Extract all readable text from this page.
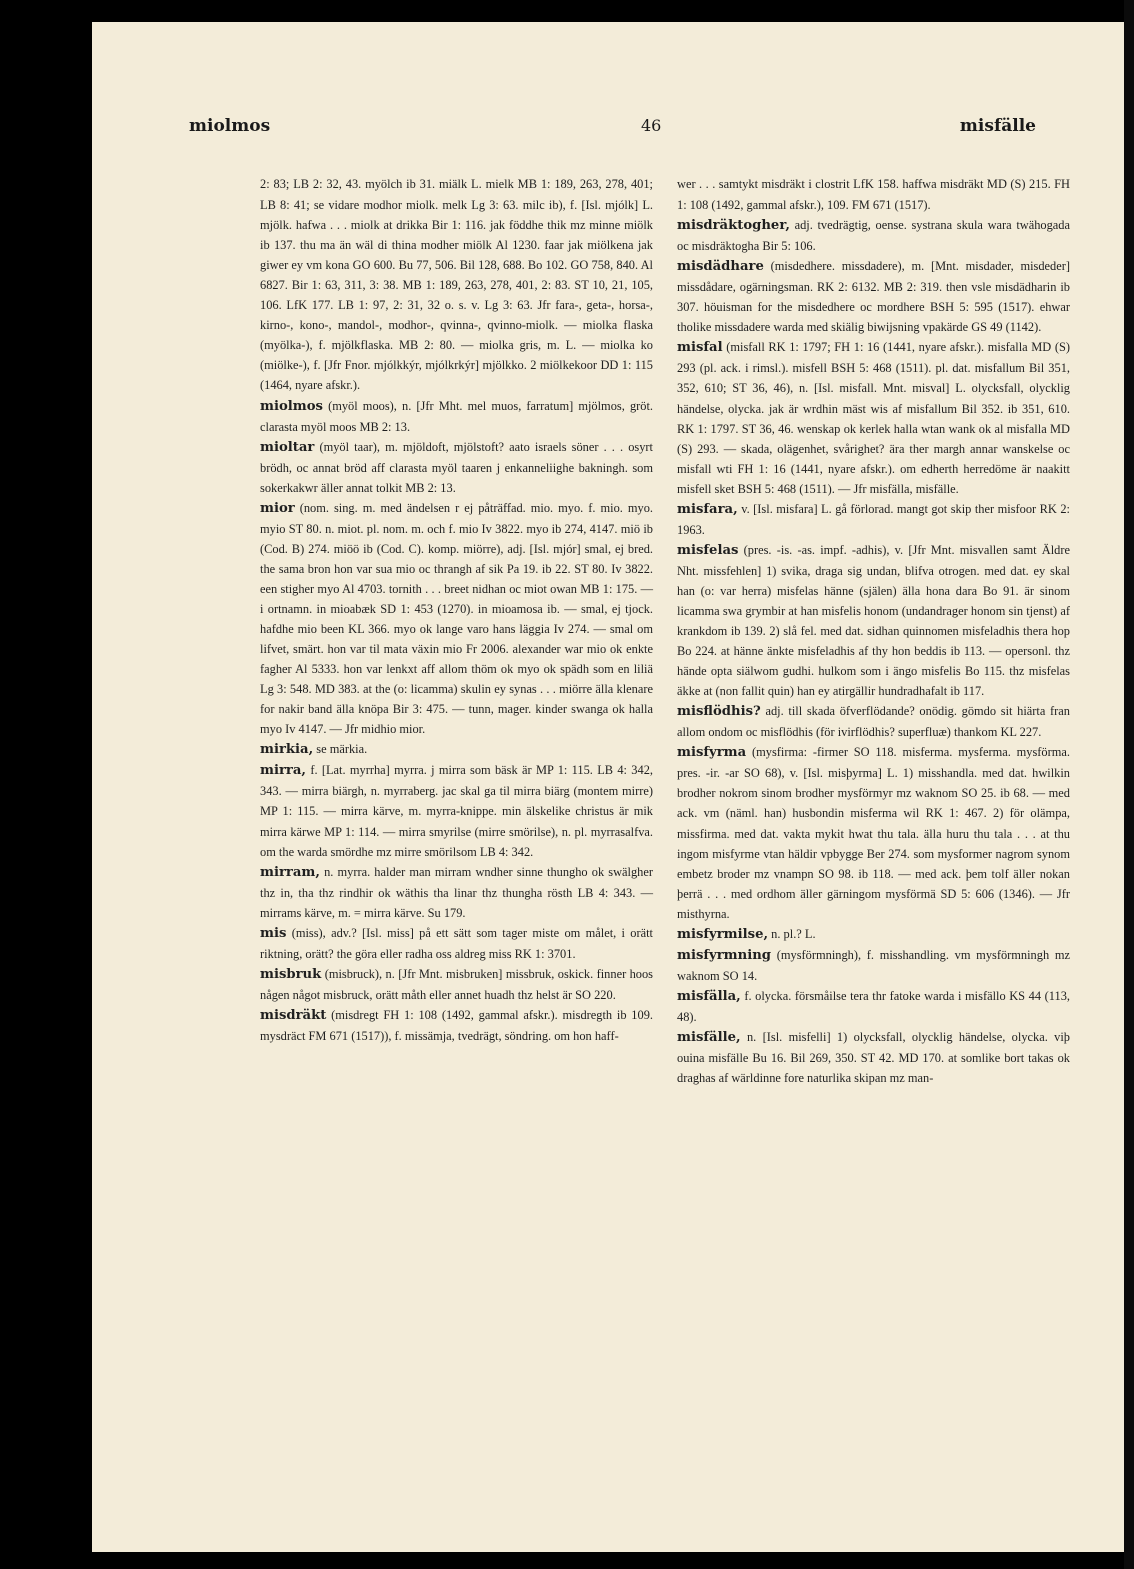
miolmos	46	misfälle

2: 83; LB 2: 32, 43. myölch ib 31. miälk L. mielk MB 1: 189, 263, 278, 401; LB 8: 41; se vidare modhor miolk. melk Lg 3: 63. milc ib), f. [Isl. mjólk] L. mjölk. hafwa . . . miolk at drikka Bir 1: 116. jak föddhe thik mz minne miölk ib 137. thu ma än wäl di thina modher miölk Al 1230. faar jak miölkena jak giwer ey vm kona GO 600. Bu 77, 506. Bil 128, 688. Bo 102. GO 758, 840. Al 6827. Bir 1: 63, 311, 3: 38. MB 1: 189, 263, 278, 401, 2: 83. ST 10, 21, 105, 106. LfK 177. LB 1: 97, 2: 31, 32 o. s. v. Lg 3: 63. Jfr fara-, geta-, horsa-, kirno-, kono-, mandol-, modhor-, qvinna-, qvinno-miolk. — miolka flaska (myölka-), f. mjölkflaska. MB 2: 80. — miolka gris, m. L. — miolka ko (miölke-), f. [Jfr Fnor. mjólkkýr, mjólkrkýr] mjölkko. 2 miölkekoor DD 1: 115 (1464, nyare afskr.).

miolmos (myöl moos), n. [Jfr Mht. mel muos, farratum] mjölmos, gröt. clarasta myöl moos MB 2: 13.

mioltar (myöl taar), m. mjöldoft, mjölstoft? aato israels söner . . . osyrt brödh, oc annat bröd aff clarasta myöl taaren j enkanneliighe bakningh. som sokerkakwr äller annat tolkit MB 2: 13.

mior (nom. sing. m. med ändelsen r ej påträffad. mio. myo. f. mio. myo. myio ST 80. n. miot. pl. nom. m. och f. mio Iv 3822. myo ib 274, 4147. miö ib (Cod. B) 274. miöö ib (Cod. C). komp. miörre), adj. [Isl. mjór] smal, ej bred. the sama bron hon var sua mio oc thrangh af sik Pa 19. ib 22. ST 80. Iv 3822. een stigher myo Al 4703. tornith . . . breet nidhan oc miot owan MB 1: 175. — i ortnamn. in mioabæk SD 1: 453 (1270). in mioamosa ib. — smal, ej tjock. hafdhe mio been KL 366. myo ok lange varo hans läggia Iv 274. — smal om lifvet, smärt. hon var til mata växin mio Fr 2006. alexander war mio ok enkte fagher Al 5333. hon var lenkxt aff allom thöm ok myo ok spädh som en liliä Lg 3: 548. MD 383. at the (o: licamma) skulin ey synas . . . miörre älla klenare for nakir band älla knöpa Bir 3: 475. — tunn, mager. kinder swanga ok halla myo Iv 4147. — Jfr midhio mior.

mirkia, se märkia.

mirra, f. [Lat. myrrha] myrra. j mirra som bäsk är MP 1: 115. LB 4: 342, 343. — mirra biärgh, n. myrraberg. jac skal ga til mirra biärg (montem mirre) MP 1: 115. — mirra kärve, m. myrra-knippe. min älskelike christus är mik mirra kärwe MP 1: 114. — mirra smyrilse (mirre smörilse), n. pl. myrrasalfva. om the warda smördhe mz mirre smörilsom LB 4: 342.

mirram, n. myrra. halder man mirram wndher sinne thungho ok swälgher thz in, tha thz rindhir ok wäthis tha linar thz thungha rösth LB 4: 343. — mirrams kärve, m. = mirra kärve. Su 179.

mis (miss), adv.? [Isl. miss] på ett sätt som tager miste om målet, i orätt riktning, orätt? the göra eller radha oss aldreg miss RK 1: 3701.

misbruk (misbruck), n. [Jfr Mnt. misbruken] missbruk, oskick. finner hoos någen något misbruck, orätt måth eller annet huadh thz helst är SO 220.

misdräkt (misdregt FH 1: 108 (1492, gammal afskr.). misdregth ib 109. mysdräct FM 671 (1517)), f. missämja, tvedrägt, söndring. om hon haff-

wer . . . samtykt misdräkt i clostrit LfK 158. haffwa misdräkt MD (S) 215. FH 1: 108 (1492, gammal afskr.), 109. FM 671 (1517).

misdräktogher, adj. tvedrägtig, oense. systrana skula wara twähogada oc misdräktogha Bir 5: 106.

misdädhare (misdedhere. missdadere), m. [Mnt. misdader, misdeder] missdådare, ogärningsman. RK 2: 6132. MB 2: 319. then vsle misdädharin ib 307. höuisman for the misdedhere oc mordhere BSH 5: 595 (1517). ehwar tholike missdadere warda med skiälig biwijsning vpakärde GS 49 (1142).

misfal (misfall RK 1: 1797; FH 1: 16 (1441, nyare afskr.). misfalla MD (S) 293 (pl. ack. i rimsl.). misfell BSH 5: 468 (1511). pl. dat. misfallum Bil 351, 352, 610; ST 36, 46), n. [Isl. misfall. Mnt. misval] L. olycksfall, olycklig händelse, olycka. jak är wrdhin mäst wis af misfallum Bil 352. ib 351, 610. RK 1: 1797. ST 36, 46. wenskap ok kerlek halla wtan wank ok al misfalla MD (S) 293. — skada, olägenhet, svårighet? ära ther margh annar wanskelse oc misfall wti FH 1: 16 (1441, nyare afskr.). om edherth herredöme är naakitt misfell sket BSH 5: 468 (1511). — Jfr misfälla, misfälle.

misfara, v. [Isl. misfara] L. gå förlorad. mangt got skip ther misfoor RK 2: 1963.

misfelas (pres. -is. -as. impf. -adhis), v. [Jfr Mnt. misvallen samt Äldre Nht. missfehlen] 1) svika, draga sig undan, blifva otrogen. med dat. ey skal han (o: var herra) misfelas hänne (själen) älla hona dara Bo 91. är sinom licamma swa grymbir at han misfelis honom (undandrager honom sin tjenst) af krankdom ib 139. 2) slå fel. med dat. sidhan quinnomen misfeladhis thera hop Bo 224. at hänne änkte misfeladhis af thy hon beddis ib 113. — opersonl. thz hände opta siälwom gudhi. hulkom som i ängo misfelis Bo 115. thz misfelas äkke at (non fallit quin) han ey atirgällir hundradhafalt ib 117.

misflödhis? adj. till skada öfverflödande? onödig. gömdo sit hiärta fran allom ondom oc misflödhis (för ivirflödhis? superfluæ) thankom KL 227.

misfyrma (mysfirma: -firmer SO 118. misferma. mysferma. mysförma. pres. -ir. -ar SO 68), v. [Isl. misþyrma] L. 1) misshandla. med dat. hwilkin brodher nokrom sinom brodher mysförmyr mz waknom SO 25. ib 68. — med ack. vm (näml. han) husbondin misferma wil RK 1: 467. 2) för olämpa, missfirma. med dat. vakta mykit hwat thu tala. älla huru thu tala . . . at thu ingom misfyrme vtan häldir vpbygge Ber 274. som mysformer nagrom synom embetz broder mz vnampn SO 98. ib 118. — med ack. þem tolf äller nokan þerrä . . . med ordhom äller gärningom mysförmä SD 5: 606 (1346). — Jfr misthyrna.

misfyrmilse, n. pl.? L.

misfyrmning (mysförmningh), f. misshandling. vm mysförmningh mz waknom SO 14.

misfälla, f. olycka. försmåilse tera thr fatoke warda i misfällo KS 44 (113, 48).

misfälle, n. [Isl. misfelli] 1) olycksfall, olycklig händelse, olycka. viþ ouina misfälle Bu 16. Bil 269, 350. ST 42. MD 170. at somlike bort takas ok draghas af wärldinne fore naturlika skipan mz man-
